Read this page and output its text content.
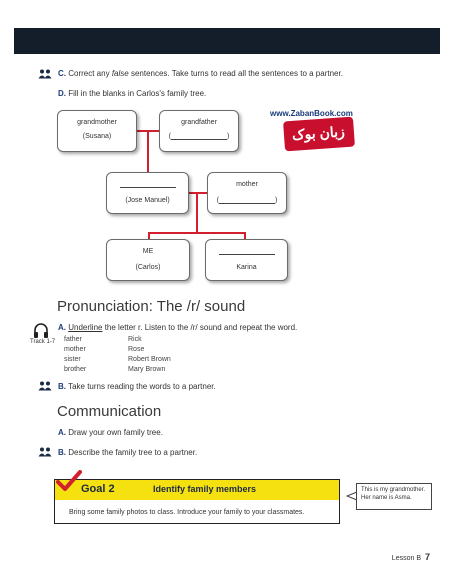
C. Correct any false sentences. Take turns to read all the sentences to a partner.
D. Fill in the blanks in Carlos's family tree.
grandmother
(Susana)
grandfather
(	)
(Jose Manuel)
mother
(	)
ME
(Carlos)	Karina
www.ZabanBook.com
زبان بوک
Pronunciation: The /r/ sound
Track 1-7
A. Underline the letter r. Listen to the /r/ sound and repeat the word.
father
mother
sister
brother
Rick
Rose
Robert Brown
Mary Brown
B. Take turns reading the words to a partner.
Communication
A. Draw your own family tree.
B. Describe the family tree to a partner.
Goal 2	Identify family members
Bring some family photos to class. Introduce your family to your classmates.
This is my grandmother. Her name is Asma.
Lesson B 7
